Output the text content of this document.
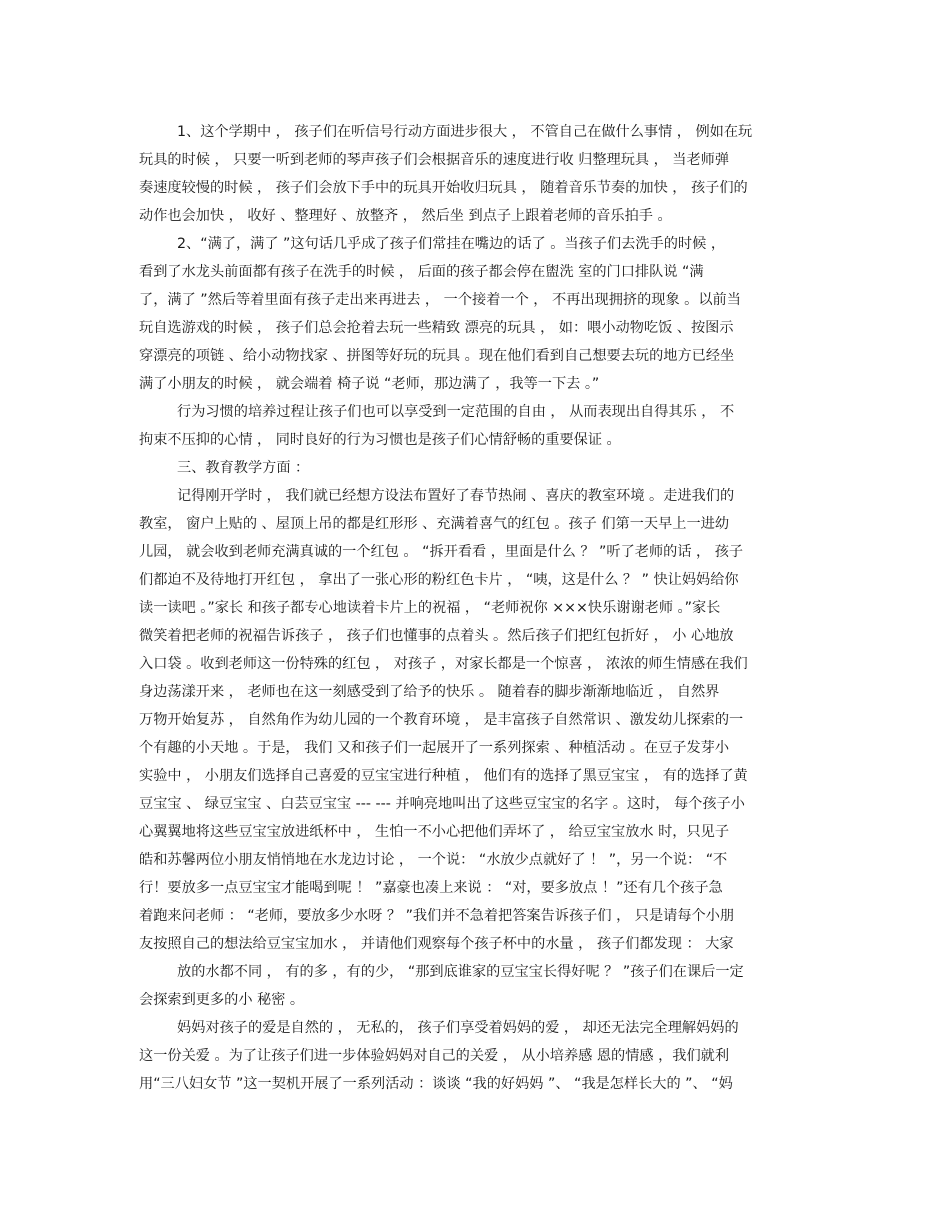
1、这个学期中 ， 孩子们在听信号行动方面进步很大 ， 不管自己在做什么事情 ， 例如在玩
玩具的时候 ， 只要一听到老师的琴声孩子们会根据音乐的速度进行收 归整理玩具 ， 当老师弹
奏速度较慢的时候 ， 孩子们会放下手中的玩具开始收归玩具 ， 随着音乐节奏的加快 ， 孩子们的
动作也会加快 ， 收好 、整理好 、放整齐 ， 然后坐 到点子上跟着老师的音乐拍手 。
2、“满了，满了 ”这句话几乎成了孩子们常挂在嘴边的话了 。当孩子们去洗手的时候 ，
看到了水龙头前面都有孩子在洗手的时候 ， 后面的孩子都会停在盥洗 室的门口排队说 “满
了，满了 ”然后等着里面有孩子走出来再进去 ， 一个接着一个 ， 不再出现拥挤的现象 。以前当
玩自选游戏的时候 ， 孩子们总会抢着去玩一些精致 漂亮的玩具 ， 如：喂小动物吃饭 、按图示
穿漂亮的项链 、给小动物找家 、拼图等好玩的玩具 。现在他们看到自己想要去玩的地方已经坐
满了小朋友的时候 ， 就会端着 椅子说 “老师，那边满了 ，我等一下去 。”
行为习惯的培养过程让孩子们也可以享受到一定范围的自由 ， 从而表现出自得其乐 ， 不
拘束不压抑的心情 ， 同时良好的行为习惯也是孩子们心情舒畅的重要保证 。
三、教育教学方面 ：
记得刚开学时 ， 我们就已经想方设法布置好了春节热闹 、喜庆的教室环境 。走进我们的
教室， 窗户上贴的 、屋顶上吊的都是红形形 、充满着喜气的红包 。孩子 们第一天早上一进幼
儿园， 就会收到老师充满真诚的一个红包 。 “拆开看看 ，里面是什么 ？ ”听了老师的话 ， 孩子
们都迫不及待地打开红包 ， 拿出了一张心形的粉红色卡片 ， “咦，这是什么 ？ ” 快让妈妈给你
读一读吧 。”家长 和孩子都专心地读着卡片上的祝福 ， “老师祝你 ×××快乐谢谢老师 。”家长
微笑着把老师的祝福告诉孩子 ， 孩子们也懂事的点着头 。然后孩子们把红包折好 ， 小 心地放
入口袋 。收到老师这一份特殊的红包 ， 对孩子 ，对家长都是一个惊喜 ， 浓浓的师生情感在我们
身边荡漾开来 ， 老师也在这一刻感受到了给予的快乐 。 随着春的脚步渐渐地临近 ， 自然界
万物开始复苏 ， 自然角作为幼儿园的一个教育环境 ， 是丰富孩子自然常识 、激发幼儿探索的一
个有趣的小天地 。于是， 我们 又和孩子们一起展开了一系列探索 、种植活动 。在豆子发芽小
实验中 ， 小朋友们选择自己喜爱的豆宝宝进行种植 ， 他们有的选择了黑豆宝宝 ， 有的选择了黄
豆宝宝 、 绿豆宝宝 、白芸豆宝宝 --- --- 并响亮地叫出了这些豆宝宝的名字 。这时， 每个孩子小
心翼翼地将这些豆宝宝放进纸杯中 ， 生怕一不小心把他们弄坏了 ， 给豆宝宝放水 时，只见子
皓和苏馨两位小朋友悄悄地在水龙边讨论 ， 一个说： “水放少点就好了 ！ ”，另一个说： “不
行！要放多一点豆宝宝才能喝到呢 ！ ”嘉豪也凑上来说 ： “对，要多放点 ！”还有几个孩子急
着跑来问老师 ： “老师，要放多少水呀 ？ ”我们并不急着把答案告诉孩子们 ， 只是请每个小朋
友按照自己的想法给豆宝宝加水 ， 并请他们观察每个孩子杯中的水量 ， 孩子们都发现 ： 大家
放的水都不同 ， 有的多 ，有的少， “那到底谁家的豆宝宝长得好呢 ？ ”孩子们在课后一定
会探索到更多的小 秘密 。
妈妈对孩子的爱是自然的 ， 无私的， 孩子们享受着妈妈的爱 ， 却还无法完全理解妈妈的
这一份关爱 。为了让孩子们进一步体验妈妈对自己的关爱 ， 从小培养感 恩的情感 ，我们就利
用“三八妇女节 ”这一契机开展了一系列活动 ：谈谈 “我的好妈妈 ”、 “我是怎样长大的 ”、 “妈
